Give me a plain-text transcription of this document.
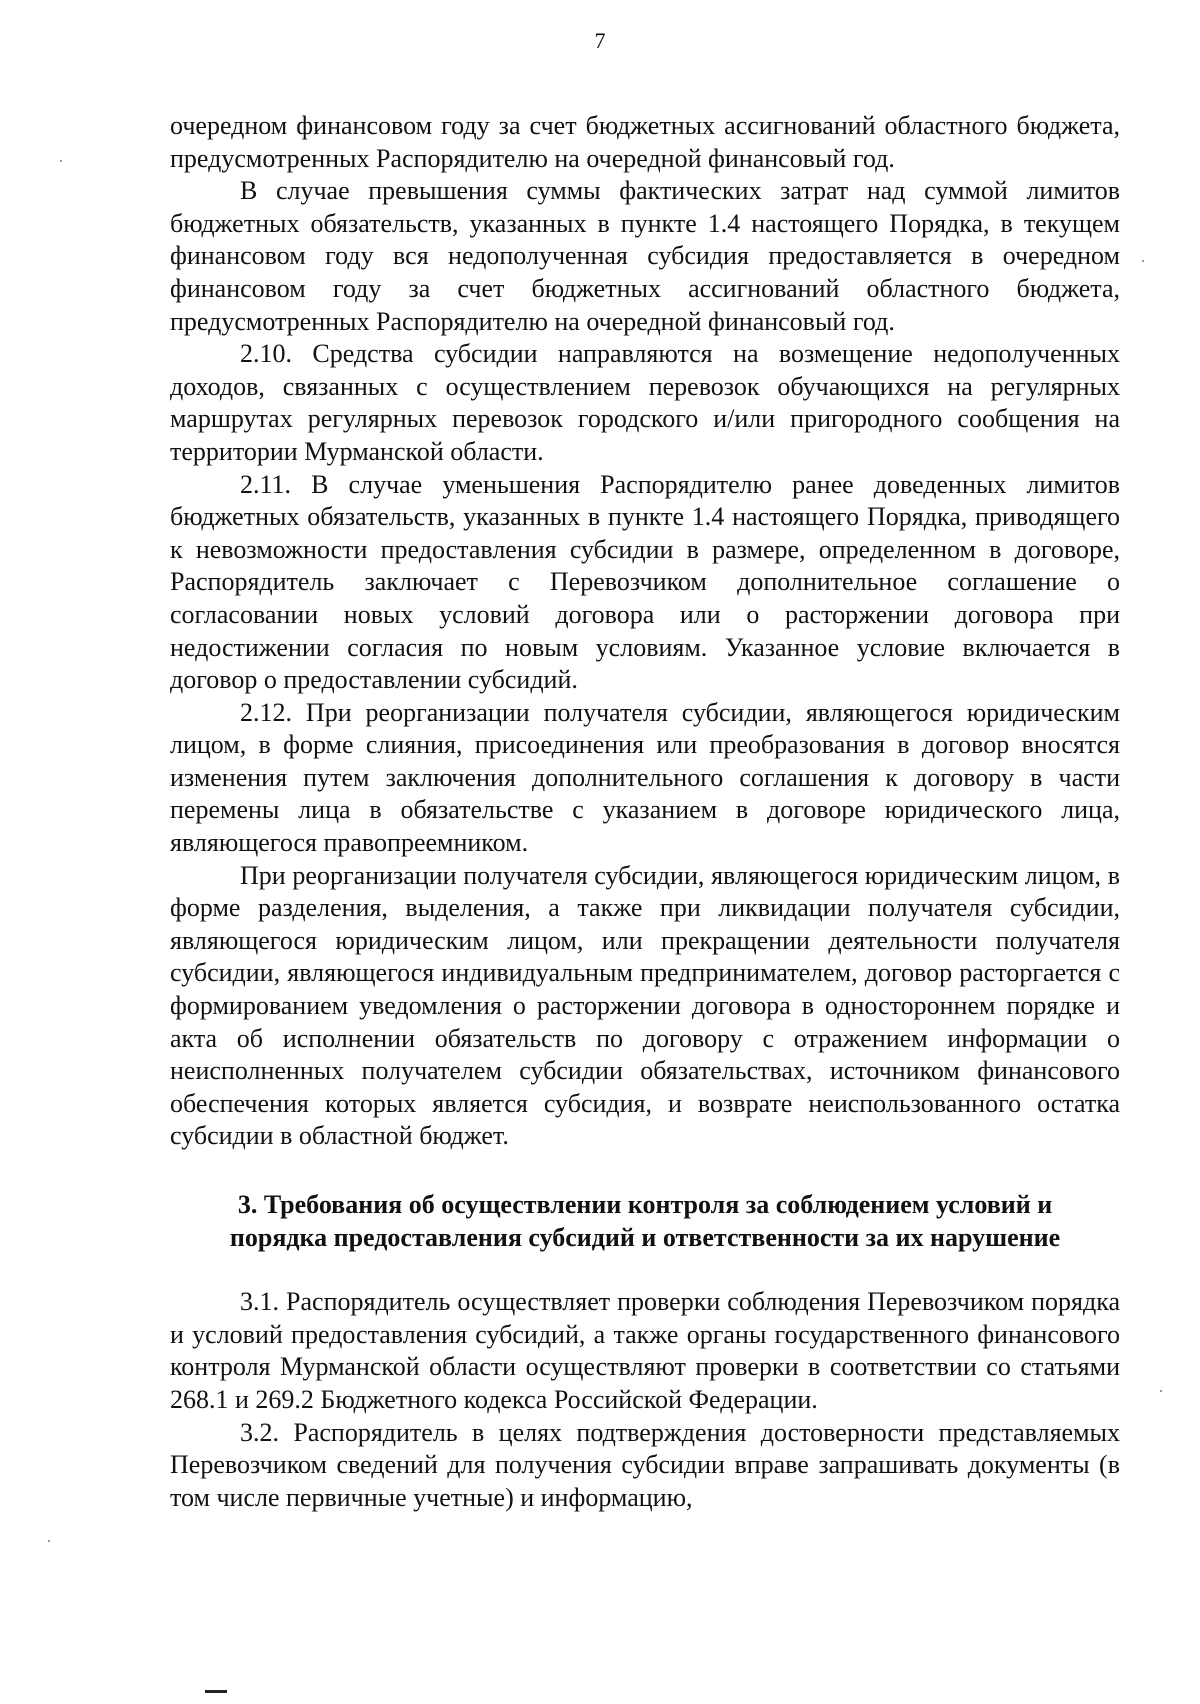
7

очередном финансовом году за счет бюджетных ассигнований областного бюджета, предусмотренных Распорядителю на очередной финансовый год.

В случае превышения суммы фактических затрат над суммой лимитов бюджетных обязательств, указанных в пункте 1.4 настоящего Порядка, в текущем финансовом году вся недополученная субсидия предоставляется в очередном финансовом году за счет бюджетных ассигнований областного бюджета, предусмотренных Распорядителю на очередной финансовый год.

2.10. Средства субсидии направляются на возмещение недополученных доходов, связанных с осуществлением перевозок обучающихся на регулярных маршрутах регулярных перевозок городского и/или пригородного сообщения на территории Мурманской области.

2.11. В случае уменьшения Распорядителю ранее доведенных лимитов бюджетных обязательств, указанных в пункте 1.4 настоящего Порядка, приводящего к невозможности предоставления субсидии в размере, определенном в договоре, Распорядитель заключает с Перевозчиком дополнительное соглашение о согласовании новых условий договора или о расторжении договора при недостижении согласия по новым условиям. Указанное условие включается в договор о предоставлении субсидий.

2.12. При реорганизации получателя субсидии, являющегося юридическим лицом, в форме слияния, присоединения или преобразования в договор вносятся изменения путем заключения дополнительного соглашения к договору в части перемены лица в обязательстве с указанием в договоре юридического лица, являющегося правопреемником.

При реорганизации получателя субсидии, являющегося юридическим лицом, в форме разделения, выделения, а также при ликвидации получателя субсидии, являющегося юридическим лицом, или прекращении деятельности получателя субсидии, являющегося индивидуальным предпринимателем, договор расторгается с формированием уведомления о расторжении договора в одностороннем порядке и акта об исполнении обязательств по договору с отражением информации о неисполненных получателем субсидии обязательствах, источником финансового обеспечения которых является субсидия, и возврате неиспользованного остатка субсидии в областной бюджет.

3. Требования об осуществлении контроля за соблюдением условий и
порядка предоставления субсидий и ответственности за их нарушение

3.1. Распорядитель осуществляет проверки соблюдения Перевозчиком порядка и условий предоставления субсидий, а также органы государственного финансового контроля Мурманской области осуществляют проверки в соответствии со статьями 268.1 и 269.2 Бюджетного кодекса Российской Федерации.

3.2. Распорядитель в целях подтверждения достоверности представляемых Перевозчиком сведений для получения субсидии вправе запрашивать документы (в том числе первичные учетные) и информацию,
